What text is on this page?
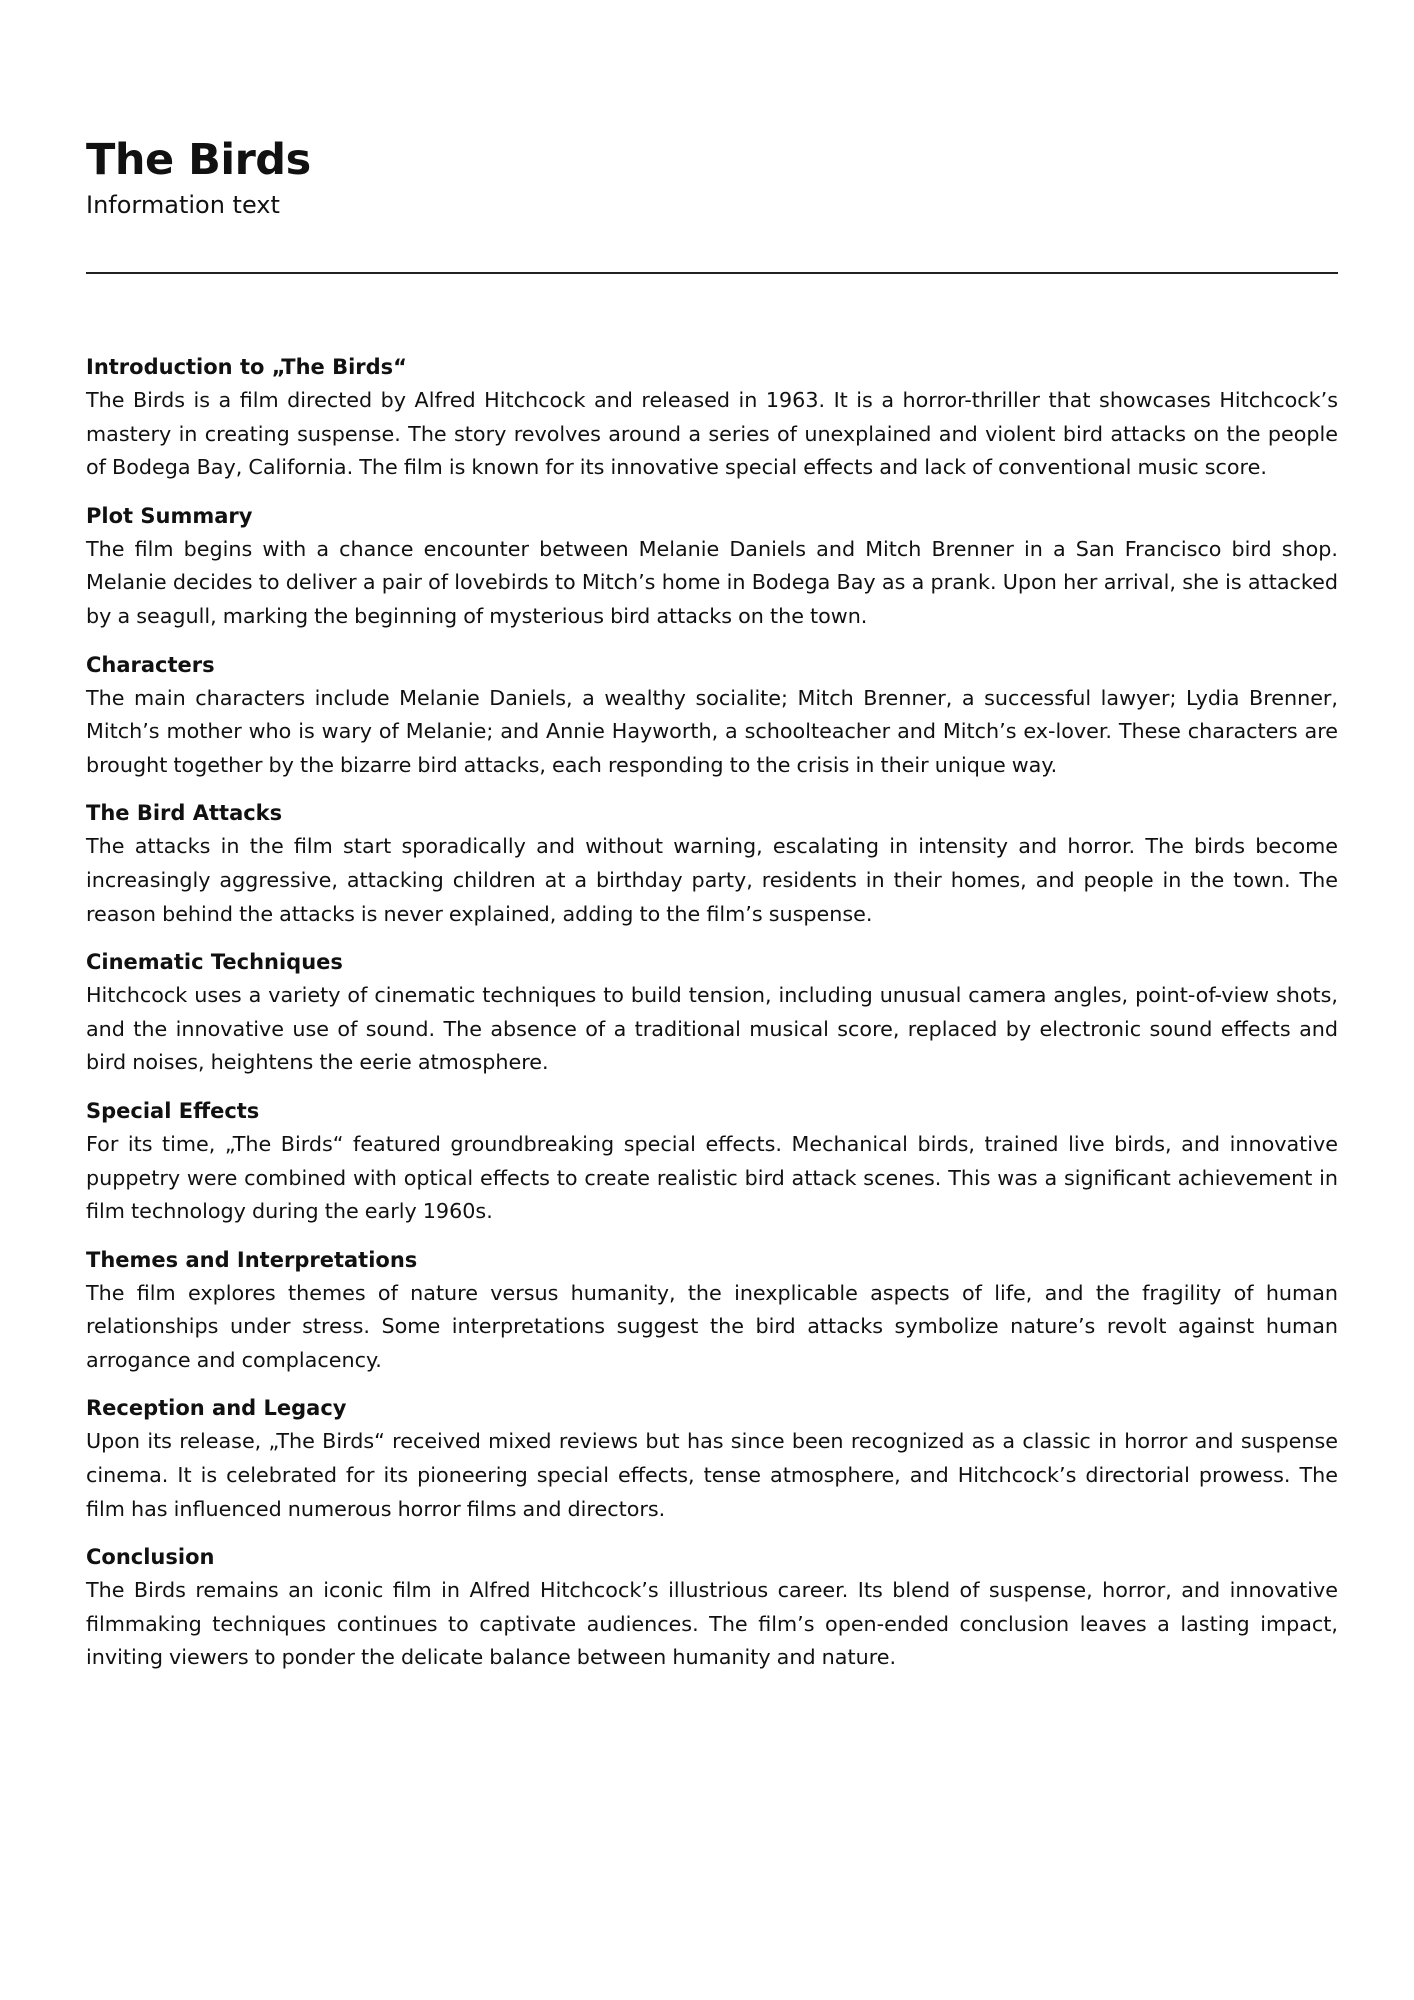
The Birds

Information text

Introduction to „The Birds“

The Birds is a film directed by Alfred Hitchcock and released in 1963. It is a horror-thriller that showcases Hitchcock’s mastery in creating suspense. The story revolves around a series of unexplained and violent bird attacks on the people of Bodega Bay, California. The film is known for its innovative special effects and lack of conventional music score.

Plot Summary

The film begins with a chance encounter between Melanie Daniels and Mitch Brenner in a San Francisco bird shop. Melanie decides to deliver a pair of lovebirds to Mitch’s home in Bodega Bay as a prank. Upon her arrival, she is attacked by a seagull, marking the beginning of mysterious bird attacks on the town.

Characters

The main characters include Melanie Daniels, a wealthy socialite; Mitch Brenner, a successful lawyer; Lydia Brenner, Mitch’s mother who is wary of Melanie; and Annie Hayworth, a schoolteacher and Mitch’s ex-lover. These characters are brought together by the bizarre bird attacks, each responding to the crisis in their unique way.

The Bird Attacks

The attacks in the film start sporadically and without warning, escalating in intensity and horror. The birds become increasingly aggressive, attacking children at a birthday party, residents in their homes, and people in the town. The reason behind the attacks is never explained, adding to the film’s suspense.

Cinematic Techniques

Hitchcock uses a variety of cinematic techniques to build tension, including unusual camera angles, point-of-view shots, and the innovative use of sound. The absence of a traditional musical score, replaced by electronic sound effects and bird noises, heightens the eerie atmosphere.

Special Effects

For its time, „The Birds“ featured groundbreaking special effects. Mechanical birds, trained live birds, and innovative puppetry were combined with optical effects to create realistic bird attack scenes. This was a significant achievement in film technology during the early 1960s.

Themes and Interpretations

The film explores themes of nature versus humanity, the inexplicable aspects of life, and the fragility of human relationships under stress. Some interpretations suggest the bird attacks symbolize nature’s revolt against human arrogance and complacency.

Reception and Legacy

Upon its release, „The Birds“ received mixed reviews but has since been recognized as a classic in horror and suspense cinema. It is celebrated for its pioneering special effects, tense atmosphere, and Hitchcock’s directorial prowess. The film has influenced numerous horror films and directors.

Conclusion

The Birds remains an iconic film in Alfred Hitchcock’s illustrious career. Its blend of suspense, horror, and innovative filmmaking techniques continues to captivate audiences. The film’s open-ended conclusion leaves a lasting impact, inviting viewers to ponder the delicate balance between humanity and nature.
